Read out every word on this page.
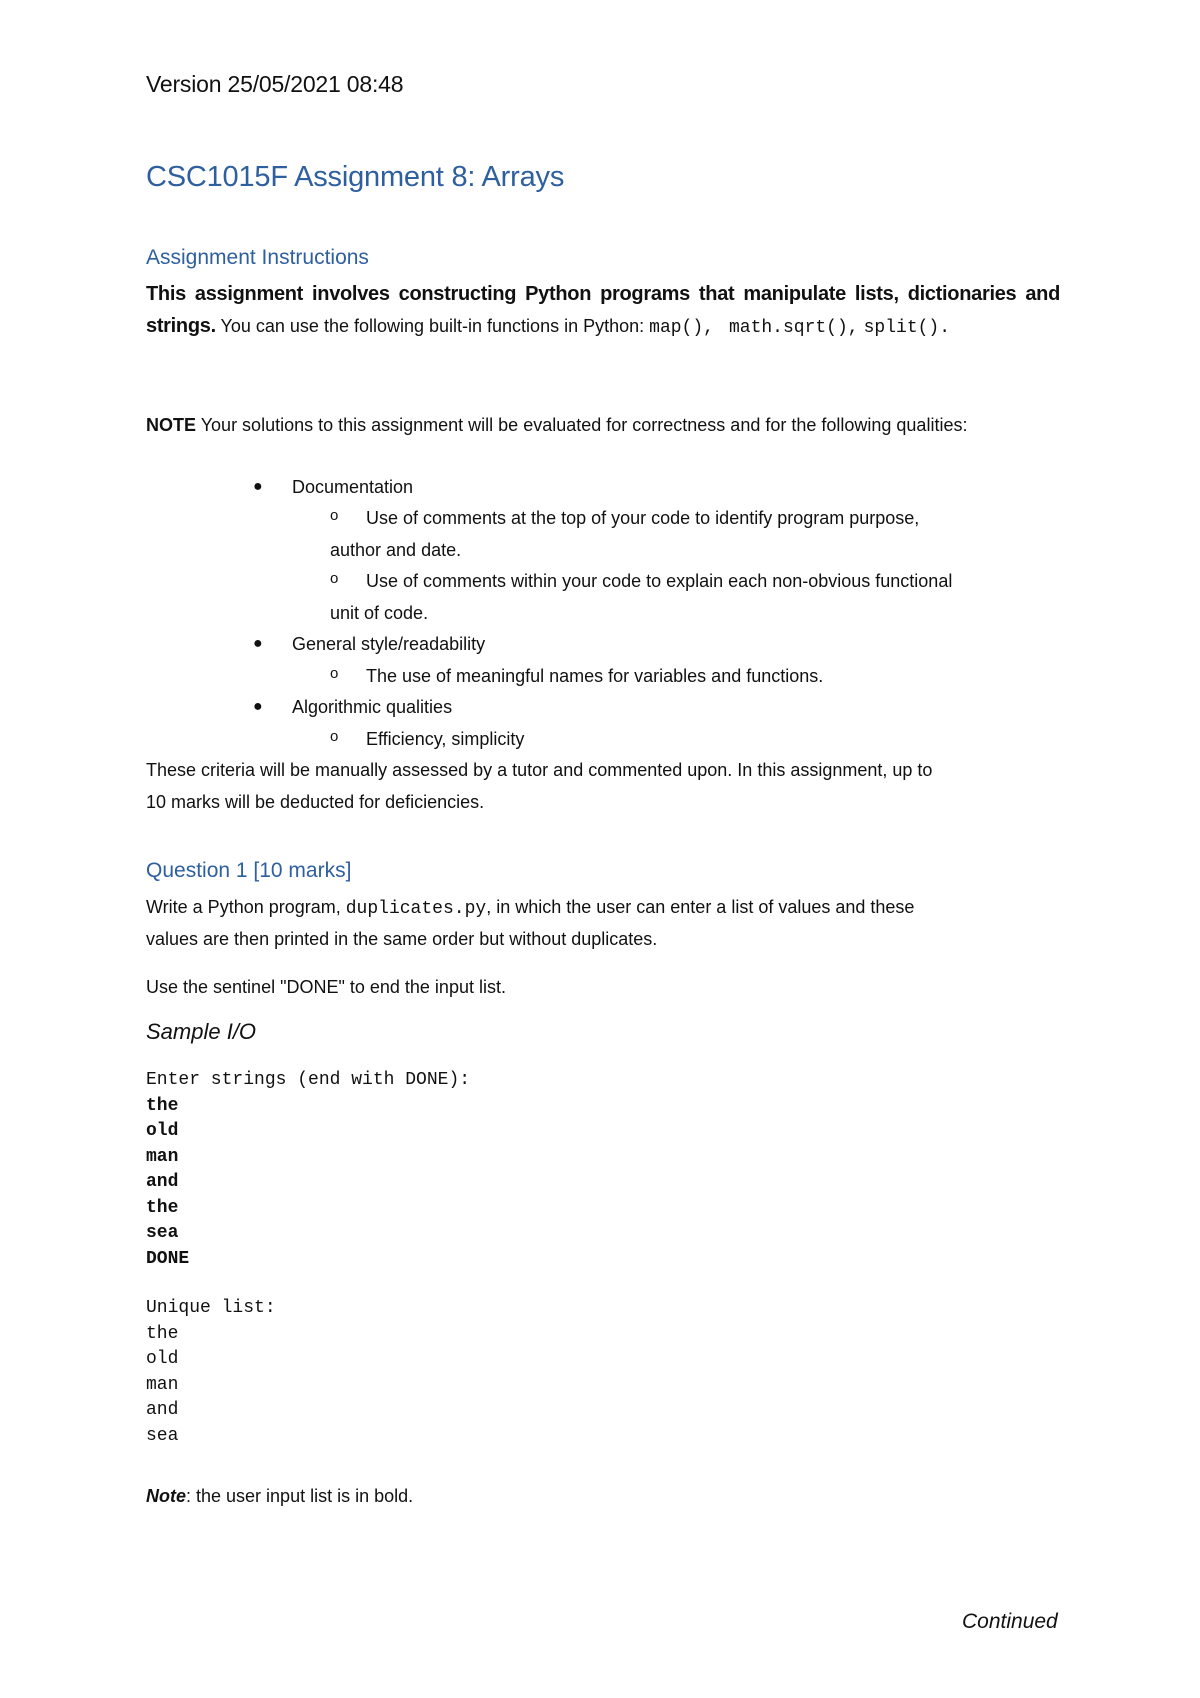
Version 25/05/2021 08:48
CSC1015F Assignment 8: Arrays
Assignment Instructions
This assignment involves constructing Python programs that manipulate lists, dictionaries and strings. You can use the following built-in functions in Python: map(), math.sqrt(), split().
NOTE Your solutions to this assignment will be evaluated for correctness and for the following qualities:
● Documentation
o Use of comments at the top of your code to identify program purpose,
author and date.
o Use of comments within your code to explain each non-obvious functional
unit of code.
● General style/readability
o The use of meaningful names for variables and functions.
● Algorithmic qualities
o Efficiency, simplicity
These criteria will be manually assessed by a tutor and commented upon. In this assignment, up to
10 marks will be deducted for deficiencies.
Question 1 [10 marks]
Write a Python program, duplicates.py, in which the user can enter a list of values and these
values are then printed in the same order but without duplicates.
Use the sentinel "DONE" to end the input list.
Sample I/O
Enter strings (end with DONE):
the
old
man
and
the
sea
DONE
Unique list:
the
old
man
and
sea
Note: the user input list is in bold.
Continued
